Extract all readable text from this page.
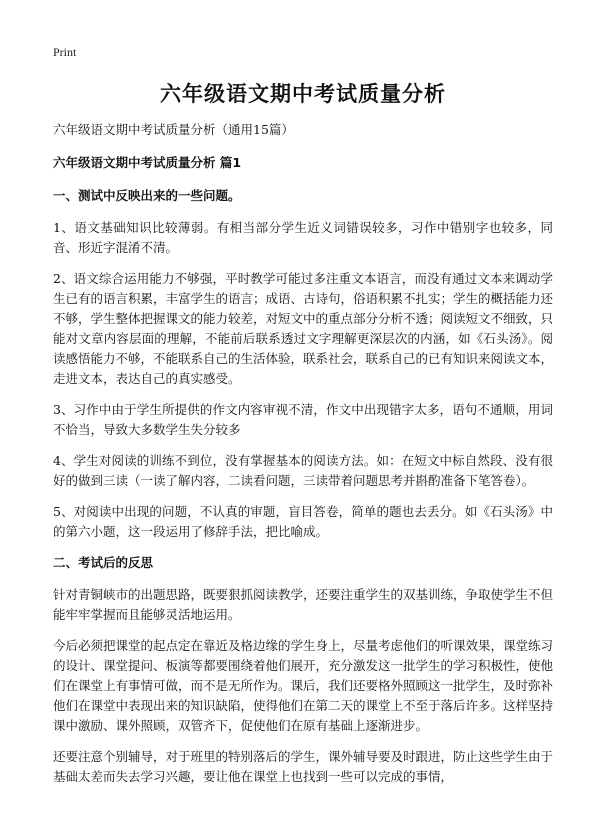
Print
六年级语文期中考试质量分析

六年级语文期中考试质量分析（通用15篇）

六年级语文期中考试质量分析 篇1

一、测试中反映出来的一些问题。

1、语文基础知识比较薄弱。有相当部分学生近义词错误较多，习作中错别字也较多，同音、形近字混淆不清。

2、语文综合运用能力不够强，平时教学可能过多注重文本语言，而没有通过文本来调动学生已有的语言积累，丰富学生的语言；成语、古诗句，俗语积累不扎实；学生的概括能力还不够，学生整体把握课文的能力较差，对短文中的重点部分分析不透；阅读短文不细致，只能对文章内容层面的理解，不能前后联系透过文字理解更深层次的内涵，如《石头汤》。阅读感悟能力不够，不能联系自己的生活体验，联系社会，联系自己的已有知识来阅读文本，走进文本，表达自己的真实感受。

3、习作中由于学生所提供的作文内容审视不清，作文中出现错字太多，语句不通顺，用词不恰当，导致大多数学生失分较多

4、学生对阅读的训练不到位，没有掌握基本的阅读方法。如：在短文中标自然段、没有很好的做到三读（一读了解内容，二读看问题，三读带着问题思考并斟酌准备下笔答卷）。

5、对阅读中出现的问题，不认真的审题，盲目答卷，简单的题也去丢分。如《石头汤》中的第六小题，这一段运用了修辞手法，把比喻成。

二、考试后的反思

针对青铜峡市的出题思路，既要狠抓阅读教学，还要注重学生的双基训练，争取使学生不但能牢牢掌握而且能够灵活地运用。

今后必须把课堂的起点定在靠近及格边缘的学生身上，尽量考虑他们的听课效果，课堂练习的设计、课堂提问、板演等都要围绕着他们展开，充分激发这一批学生的学习积极性，使他们在课堂上有事情可做，而不是无所作为。课后，我们还要格外照顾这一批学生，及时弥补他们在课堂中表现出来的知识缺陷，使得他们在第二天的课堂上不至于落后许多。这样坚持课中激励、课外照顾，双管齐下，促使他们在原有基础上逐渐进步。

还要注意个别辅导，对于班里的特别落后的学生，课外辅导要及时跟进，防止这些学生由于基础太差而失去学习兴趣，要让他在课堂上也找到一些可以完成的事情，
